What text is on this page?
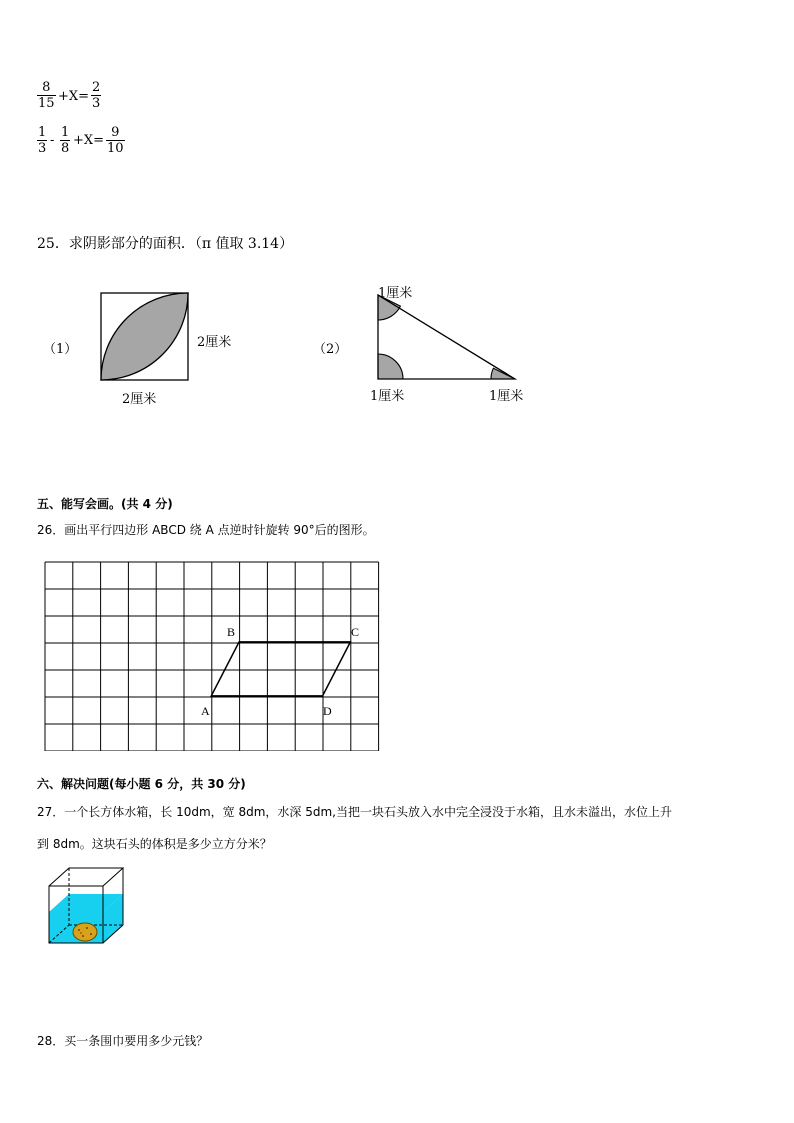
8
15 +X=
2
3
1
3
-
1
8
+X=
9
10
25．求阴影部分的面积．（π 值取 3.14）
（1）	2厘米
2厘米
（2）
1厘米
1厘米	1厘米
五、能写会画。(共 4 分)
26．画出平行四边形 ABCD 绕 A 点逆时针旋转 90°后的图形。
A
B	C
D
六、解决问题(每小题 6 分，共 30 分)
27．一个长方体水箱，长 10dm，宽 8dm，水深 5dm,当把一块石头放入水中完全浸没于水箱，且水未溢出，水位上升
到 8dm。这块石头的体积是多少立方分米？
28．买一条围巾要用多少元钱？
